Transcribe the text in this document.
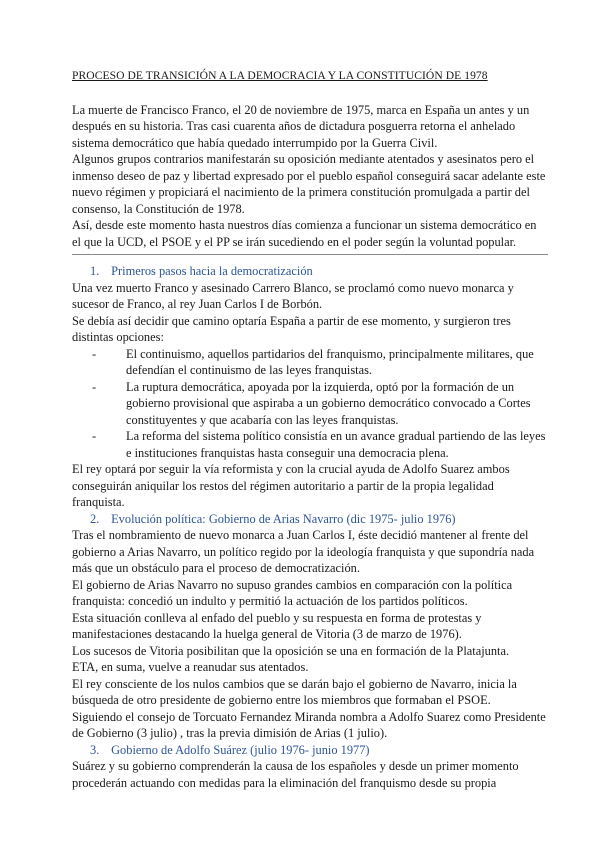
PROCESO DE TRANSICIÓN A LA DEMOCRACIA Y LA CONSTITUCIÓN DE 1978

La muerte de Francisco Franco, el 20 de noviembre de 1975, marca en España un antes y un después en su historia. Tras casi cuarenta años de dictadura posguerra retorna el anhelado sistema democrático que había quedado interrumpido por la Guerra Civil.

Algunos grupos contrarios manifestarán su oposición mediante atentados y asesinatos pero el inmenso deseo de paz y libertad expresado por el pueblo español conseguirá sacar adelante este nuevo régimen y propiciará el nacimiento de la primera constitución promulgada a partir del consenso, la Constitución de 1978.

Así, desde este momento hasta nuestros días comienza a funcionar un sistema democrático en el que la UCD, el PSOE y el PP se irán sucediendo en el poder según la voluntad popular.

1. Primeros pasos hacia la democratización

Una vez muerto Franco y asesinado Carrero Blanco, se proclamó como nuevo monarca y sucesor de Franco, al rey Juan Carlos I de Borbón.

Se debía así decidir que camino optaría España a partir de ese momento, y surgieron tres distintas opciones:

- El continuismo, aquellos partidarios del franquismo, principalmente militares, que defendían el continuismo de las leyes franquistas.
- La ruptura democrática, apoyada por la izquierda, optó por la formación de un gobierno provisional que aspiraba a un gobierno democrático convocado a Cortes constituyentes y que acabaría con las leyes franquistas.
- La reforma del sistema político consistía en un avance gradual partiendo de las leyes e instituciones franquistas hasta conseguir una democracia plena.

El rey optará por seguir la vía reformista y con la crucial ayuda de Adolfo Suarez ambos conseguirán aniquilar los restos del régimen autoritario a partir de la propia legalidad franquista.

2. Evolución política: Gobierno de Arias Navarro (dic 1975- julio 1976)

Tras el nombramiento de nuevo monarca a Juan Carlos I, éste decidió mantener al frente del gobierno a Arias Navarro, un político regido por la ideología franquista y que supondría nada más que un obstáculo para el proceso de democratización.

El gobierno de Arias Navarro no supuso grandes cambios en comparación con la política franquista: concedió un indulto y permitió la actuación de los partidos políticos.

Esta situación conlleva al enfado del pueblo y su respuesta en forma de protestas y manifestaciones destacando la huelga general de Vitoria (3 de marzo de 1976).

Los sucesos de Vitoria posibilitan que la oposición se una en formación de la Platajunta.

ETA, en suma, vuelve a reanudar sus atentados.

El rey consciente de los nulos cambios que se darán bajo el gobierno de Navarro, inicia la búsqueda de otro presidente de gobierno entre los miembros que formaban el PSOE.

Siguiendo el consejo de Torcuato Fernandez Miranda nombra a Adolfo Suarez como Presidente de Gobierno (3 julio) , tras la previa dimisión de Arias (1 julio).

3. Gobierno de Adolfo Suárez (julio 1976- junio 1977)

Suárez y su gobierno comprenderán la causa de los españoles y desde un primer momento procederán actuando con medidas para la eliminación del franquismo desde su propia
